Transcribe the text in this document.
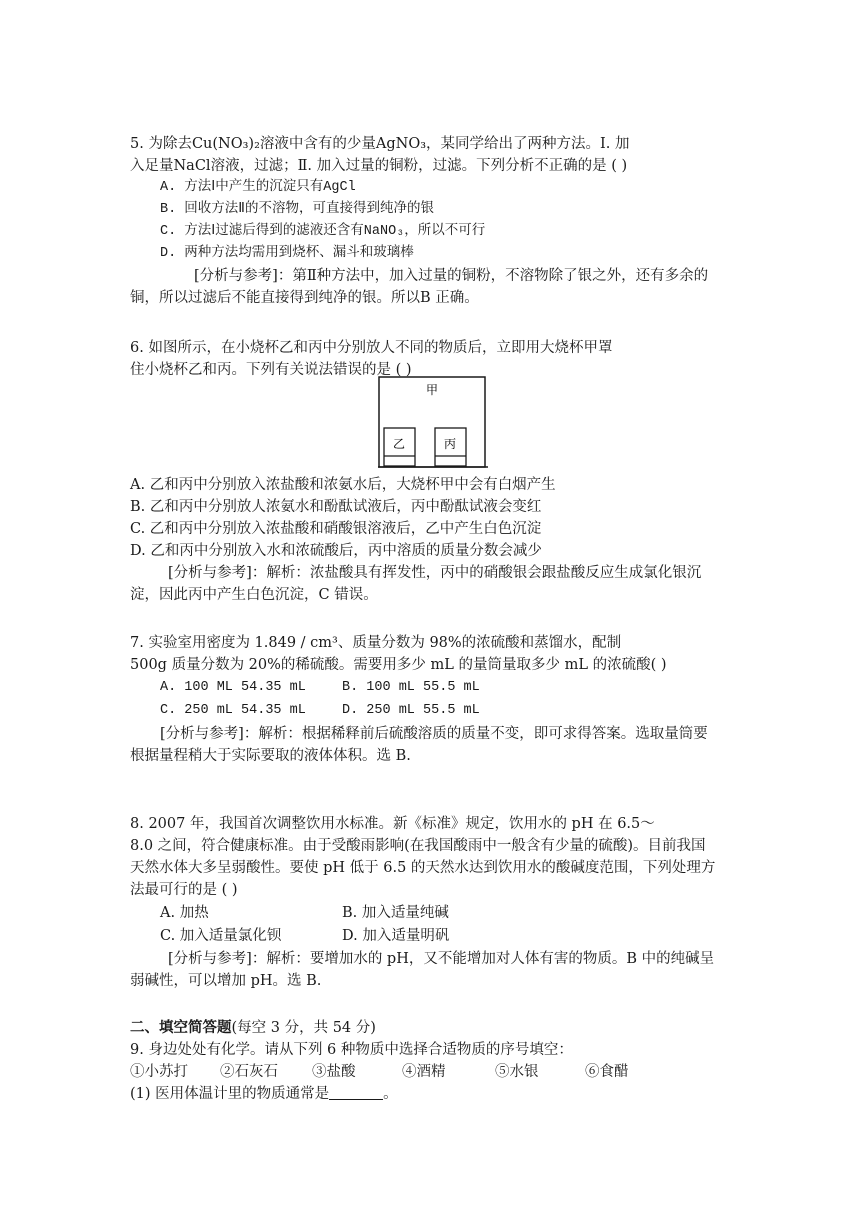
5. 为除去Cu(NO₃)₂溶液中含有的少量AgNO₃，某同学给出了两种方法。Ⅰ. 加
入足量NaCl溶液，过滤；Ⅱ. 加入过量的铜粉，过滤。下列分析不正确的是 ( )
A. 方法Ⅰ中产生的沉淀只有AgCl
B. 回收方法Ⅱ的不溶物，可直接得到纯净的银
C. 方法Ⅰ过滤后得到的滤液还含有NaNO₃，所以不可行
D. 两种方法均需用到烧杯、漏斗和玻璃棒
[分析与参考]：第Ⅱ种方法中，加入过量的铜粉，不溶物除了银之外，还有多余的
铜，所以过滤后不能直接得到纯净的银。所以B 正确。
6. 如图所示，在小烧杯乙和丙中分别放人不同的物质后，立即用大烧杯甲罩
住小烧杯乙和丙。下列有关说法错误的是 ( )
甲
乙	丙
A. 乙和丙中分别放入浓盐酸和浓氨水后，大烧杯甲中会有白烟产生
B. 乙和丙中分别放人浓氨水和酚酞试液后，丙中酚酞试液会变红
C. 乙和丙中分别放入浓盐酸和硝酸银溶液后，乙中产生白色沉淀
D. 乙和丙中分别放入水和浓硫酸后，丙中溶质的质量分数会减少
[分析与参考]：解析：浓盐酸具有挥发性，丙中的硝酸银会跟盐酸反应生成氯化银沉
淀，因此丙中产生白色沉淀，C 错误。
7. 实验室用密度为 1.849 / cm³、质量分数为 98%的浓硫酸和蒸馏水，配制
500g 质量分数为 20%的稀硫酸。需要用多少 mL 的量筒量取多少 mL 的浓硫酸( )
A. 100 ML 54.35 mL	B. 100 mL 55.5 mL
C. 250 mL 54.35 mL	D. 250 mL 55.5 mL
[分析与参考]：解析：根据稀释前后硫酸溶质的质量不变，即可求得答案。选取量筒要
根据量程稍大于实际要取的液体体积。选 B.
8. 2007 年，我国首次调整饮用水标准。新《标准》规定，饮用水的 pH 在 6.5～
8.0 之间，符合健康标准。由于受酸雨影响(在我国酸雨中一般含有少量的硫酸)。目前我国
天然水体大多呈弱酸性。要使 pH 低于 6.5 的天然水达到饮用水的酸碱度范围，下列处理方
法最可行的是 ( )
A. 加热	B. 加入适量纯碱
C. 加入适量氯化钡	D. 加入适量明矾
[分析与参考]：解析：要增加水的 pH，又不能增加对人体有害的物质。B 中的纯碱呈
弱碱性，可以增加 pH。选 B.
二、填空简答题(每空 3 分，共 54 分)
9. 身边处处有化学。请从下列 6 种物质中选择合适物质的序号填空：
①小苏打 ②石灰石 ③盐酸	④酒精	⑤水银	⑥食醋
(1) 医用体温计里的物质通常是	。
